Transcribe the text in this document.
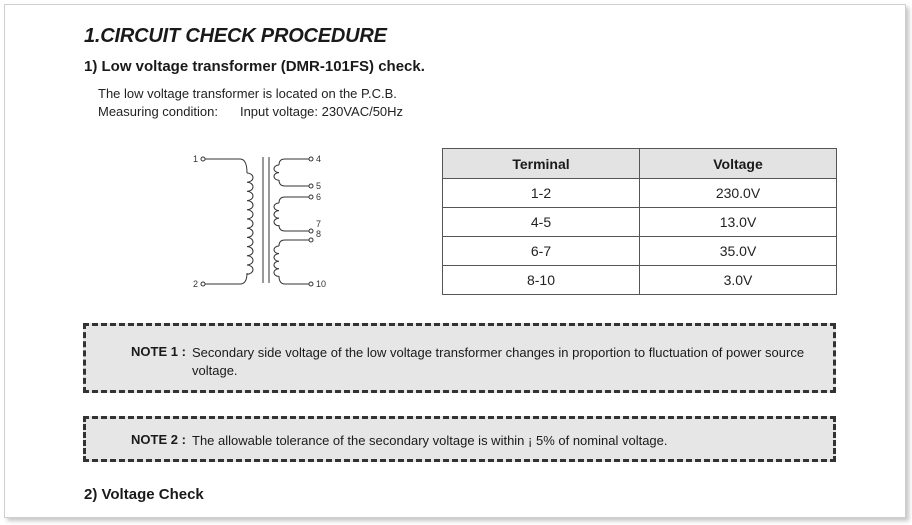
1.CIRCUIT CHECK PROCEDURE
1) Low voltage transformer (DMR-101FS) check.
The low voltage transformer is located on the P.C.B.
Measuring condition: Input voltage: 230VAC/50Hz
1
2
4
5
6
7
8
10
Terminal	Voltage
1-2	230.0V
4-5	13.0V
6-7	35.0V
8-10	3.0V
NOTE 1 : Secondary side voltage of the low voltage transformer changes in proportion to fluctuation of power source voltage.
NOTE 2 : The allowable tolerance of the secondary voltage is within ¡ 5% of nominal voltage.
2) Voltage Check
